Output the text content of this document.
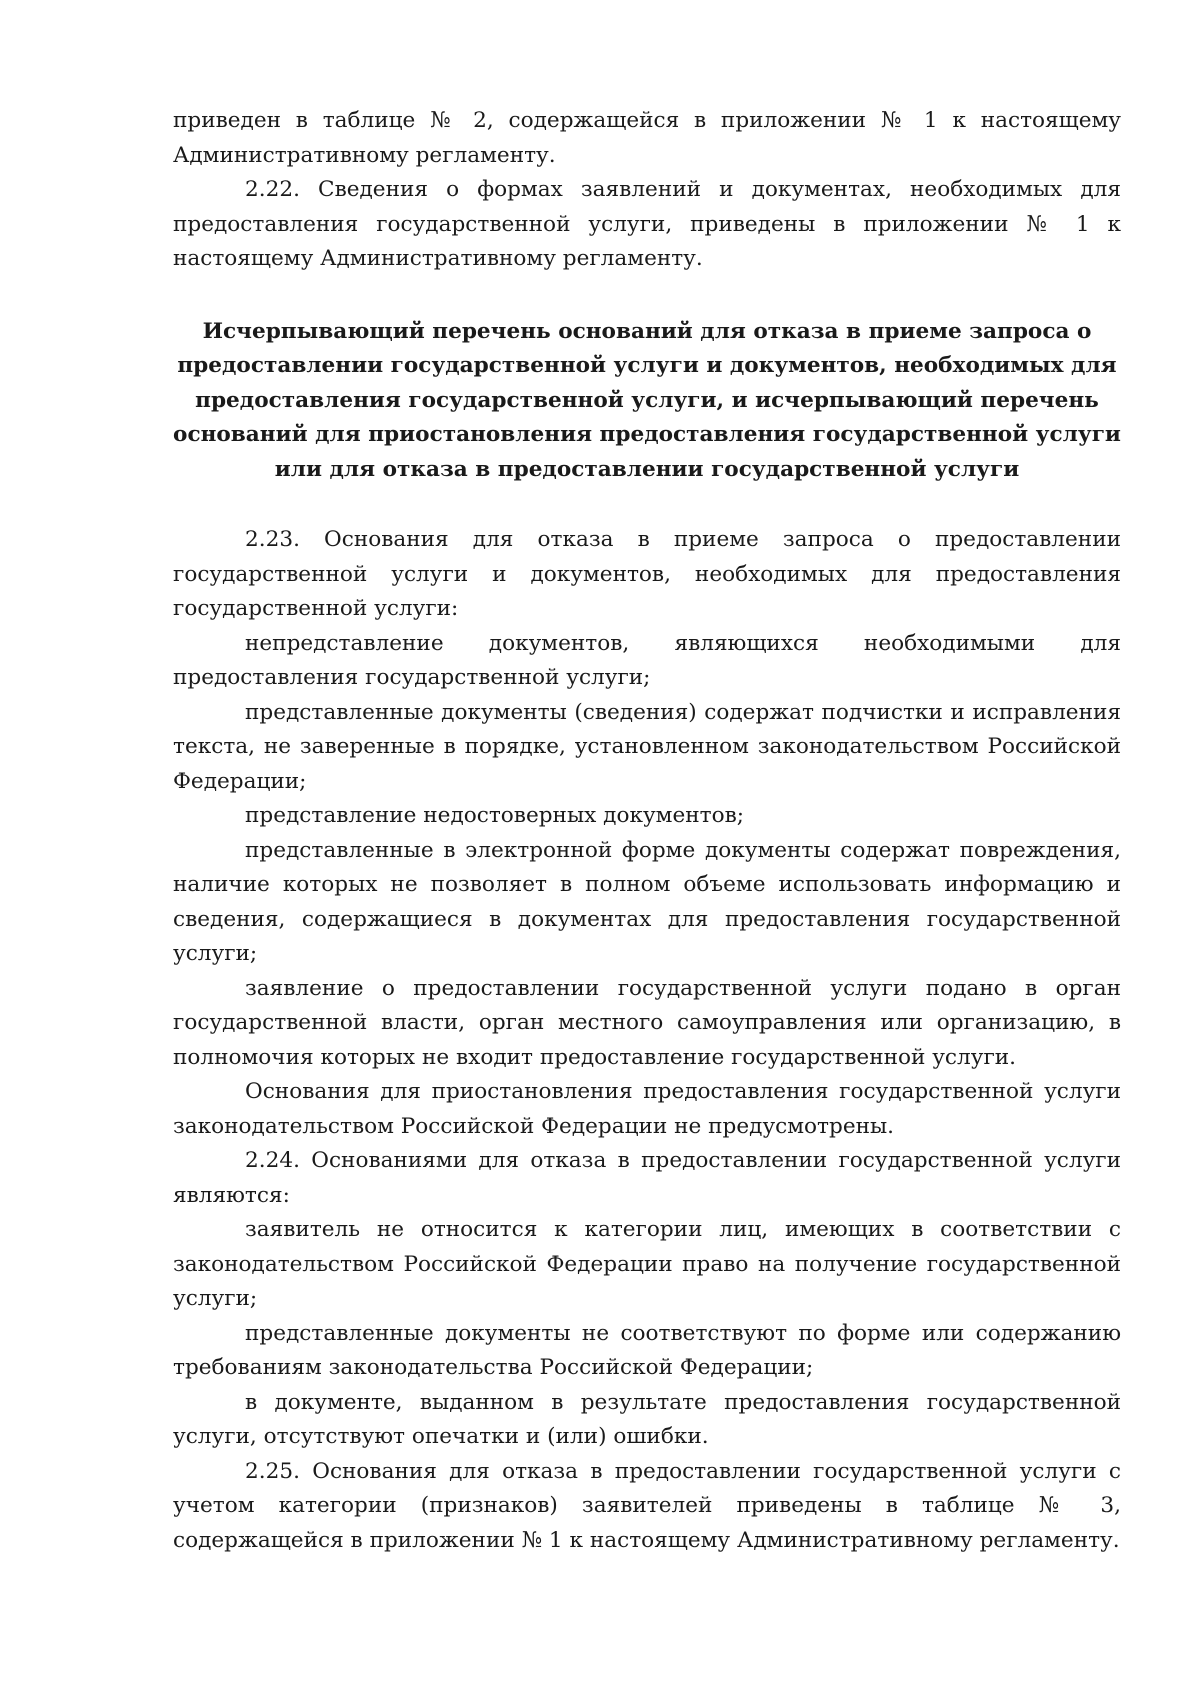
приведен в таблице № 2, содержащейся в приложении № 1 к настоящему Административному регламенту.

2.22. Сведения о формах заявлений и документах, необходимых для предоставления государственной услуги, приведены в приложении № 1 к настоящему Административному регламенту.

Исчерпывающий перечень оснований для отказа в приеме запроса о предоставлении государственной услуги и документов, необходимых для предоставления государственной услуги, и исчерпывающий перечень оснований для приостановления предоставления государственной услуги или для отказа в предоставлении государственной услуги

2.23. Основания для отказа в приеме запроса о предоставлении государственной услуги и документов, необходимых для предоставления государственной услуги:

непредставление документов, являющихся необходимыми для предоставления государственной услуги;

представленные документы (сведения) содержат подчистки и исправления текста, не заверенные в порядке, установленном законодательством Российской Федерации;

представление недостоверных документов;

представленные в электронной форме документы содержат повреждения, наличие которых не позволяет в полном объеме использовать информацию и сведения, содержащиеся в документах для предоставления государственной услуги;

заявление о предоставлении государственной услуги подано в орган государственной власти, орган местного самоуправления или организацию, в полномочия которых не входит предоставление государственной услуги.

Основания для приостановления предоставления государственной услуги законодательством Российской Федерации не предусмотрены.

2.24. Основаниями для отказа в предоставлении государственной услуги являются:

заявитель не относится к категории лиц, имеющих в соответствии с законодательством Российской Федерации право на получение государственной услуги;

представленные документы не соответствуют по форме или содержанию требованиям законодательства Российской Федерации;

в документе, выданном в результате предоставления государственной услуги, отсутствуют опечатки и (или) ошибки.

2.25. Основания для отказа в предоставлении государственной услуги с учетом категории (признаков) заявителей приведены в таблице № 3, содержащейся в приложении № 1 к настоящему Административному регламенту.
